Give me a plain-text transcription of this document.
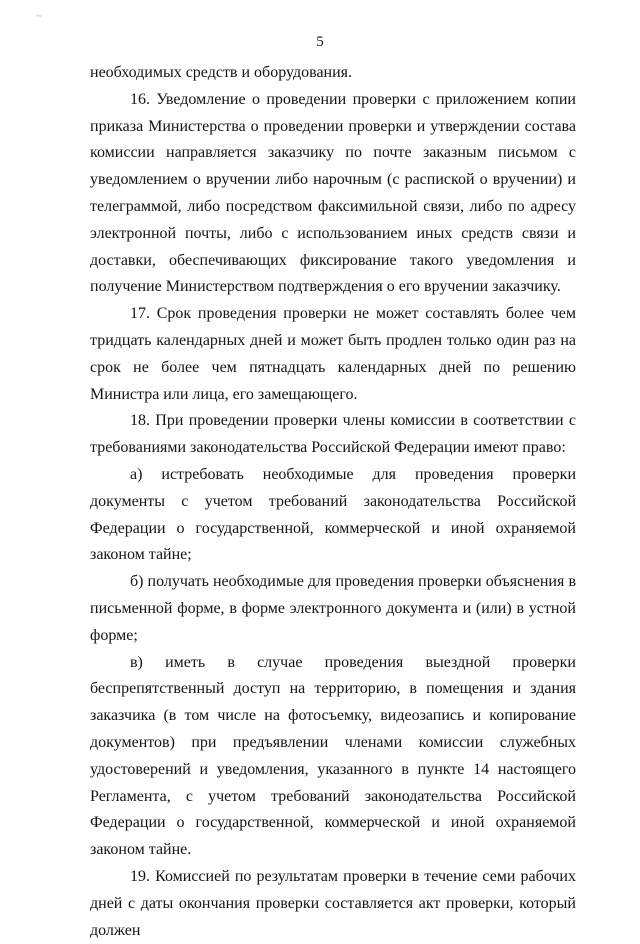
~
5

необходимых средств и оборудования.

16. Уведомление о проведении проверки с приложением копии приказа Министерства о проведении проверки и утверждении состава комиссии направляется заказчику по почте заказным письмом с уведомлением о вручении либо нарочным (с распиской о вручении) и телеграммой, либо посредством факсимильной связи, либо по адресу электронной почты, либо с использованием иных средств связи и доставки, обеспечивающих фиксирование такого уведомления и получение Министерством подтверждения о его вручении заказчику.

17. Срок проведения проверки не может составлять более чем тридцать календарных дней и может быть продлен только один раз на срок не более чем пятнадцать календарных дней по решению Министра или лица, его замещающего.

18. При проведении проверки члены комиссии в соответствии с требованиями законодательства Российской Федерации имеют право:

а) истребовать необходимые для проведения проверки документы с учетом требований законодательства Российской Федерации о государственной, коммерческой и иной охраняемой законом тайне;

б) получать необходимые для проведения проверки объяснения в письменной форме, в форме электронного документа и (или) в устной форме;

в) иметь в случае проведения выездной проверки беспрепятственный доступ на территорию, в помещения и здания заказчика (в том числе на фотосъемку, видеозапись и копирование документов) при предъявлении членами комиссии служебных удостоверений и уведомления, указанного в пункте 14 настоящего Регламента, с учетом требований законодательства Российской Федерации о государственной, коммерческой и иной охраняемой законом тайне.

19. Комиссией по результатам проверки в течение семи рабочих дней с даты окончания проверки составляется акт проверки, который должен
